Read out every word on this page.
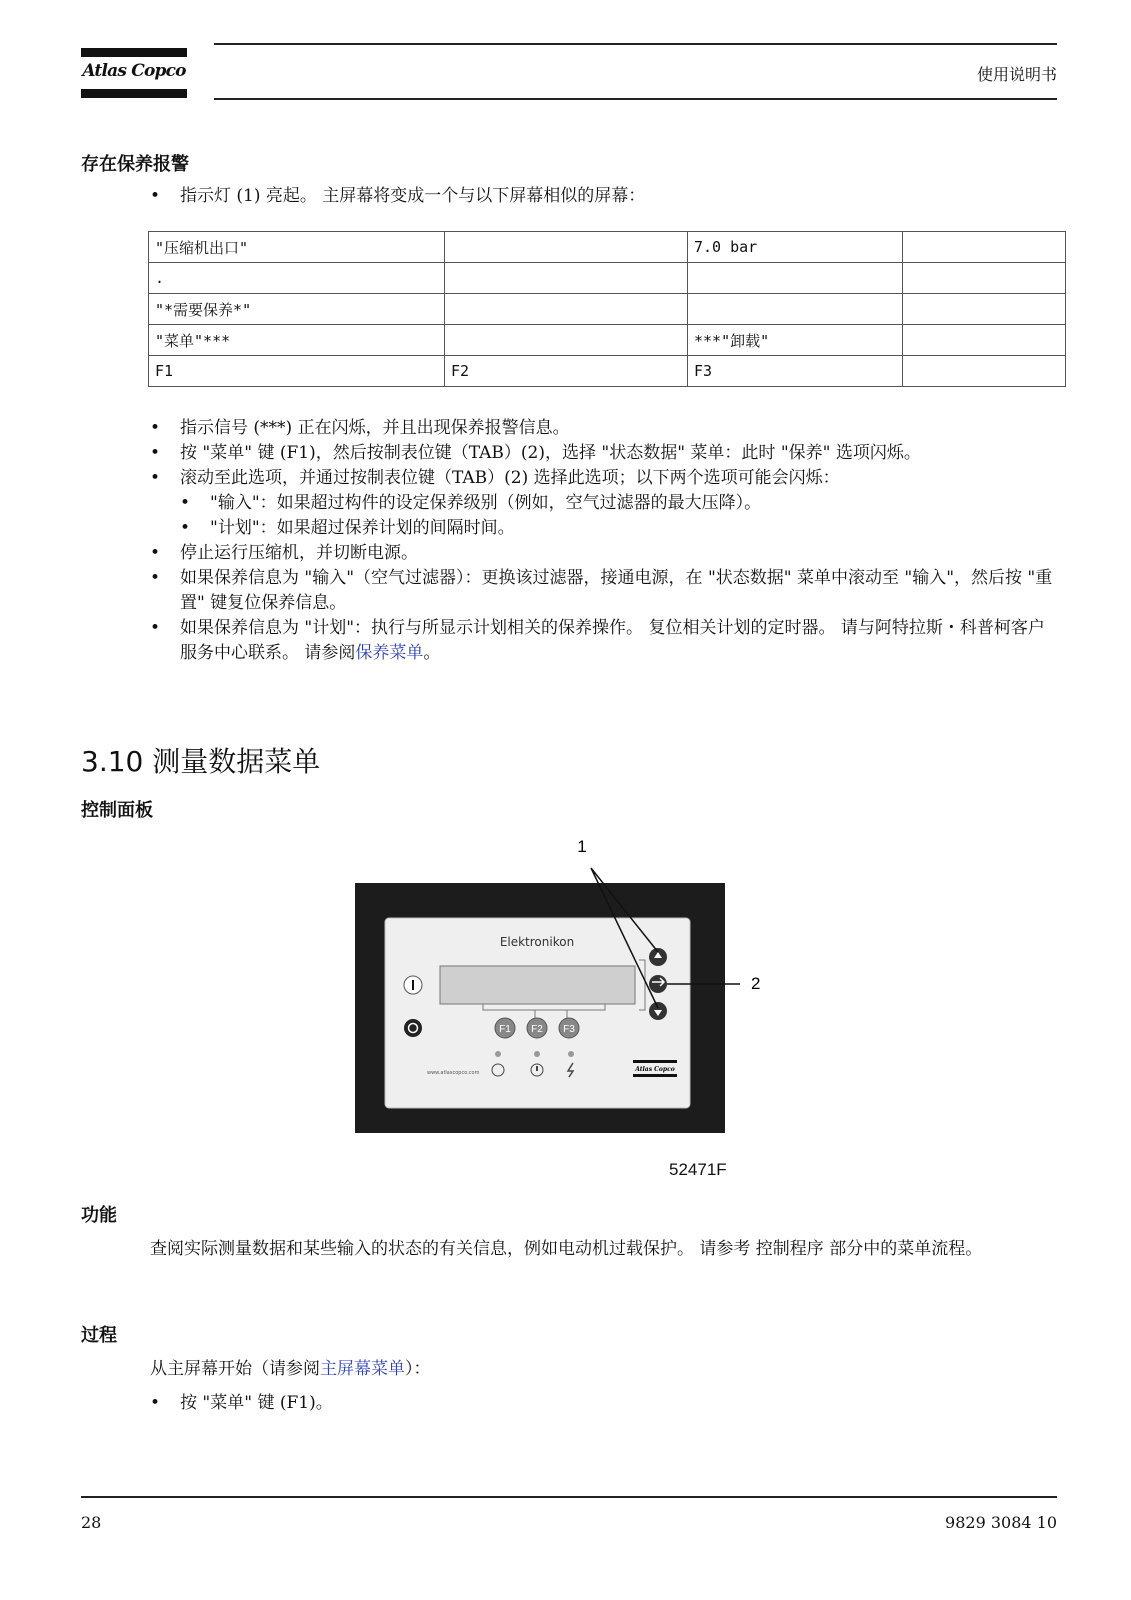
Atlas Copco	使用说明书
存在保养报警
• 指示灯 (1) 亮起。 主屏幕将变成一个与以下屏幕相似的屏幕：
"压缩机出口"		7.0 bar	
.			
"*需要保养*"			
"菜单"***		***"卸载"	
F1	F2	F3	
• 指示信号 (***) 正在闪烁，并且出现保养报警信息。
• 按 "菜单" 键 (F1)，然后按制表位键（TAB）(2)，选择 "状态数据" 菜单：此时 "保养" 选项闪烁。
• 滚动至此选项，并通过按制表位键（TAB）(2) 选择此选项；以下两个选项可能会闪烁：
• "输入"：如果超过构件的设定保养级别（例如，空气过滤器的最大压降）。
• "计划"：如果超过保养计划的间隔时间。
• 停止运行压缩机，并切断电源。
• 如果保养信息为 "输入"（空气过滤器）：更换该过滤器，接通电源，在 "状态数据" 菜单中滚动至 "输入"，然后按 "重置" 键复位保养信息。
• 如果保养信息为 "计划"：执行与所显示计划相关的保养操作。 复位相关计划的定时器。 请与阿特拉斯・科普柯客户服务中心联系。 请参阅保养菜单。
3.10 测量数据菜单
控制面板
1
Elektronikon
F1 F2 F3
2
www.atlascopco.com	Atlas Copco
52471F
功能
查阅实际测量数据和某些输入的状态的有关信息，例如电动机过载保护。 请参考 控制程序 部分中的菜单流程。
过程
从主屏幕开始（请参阅主屏幕菜单）：
• 按 "菜单" 键 (F1)。
28	9829 3084 10
